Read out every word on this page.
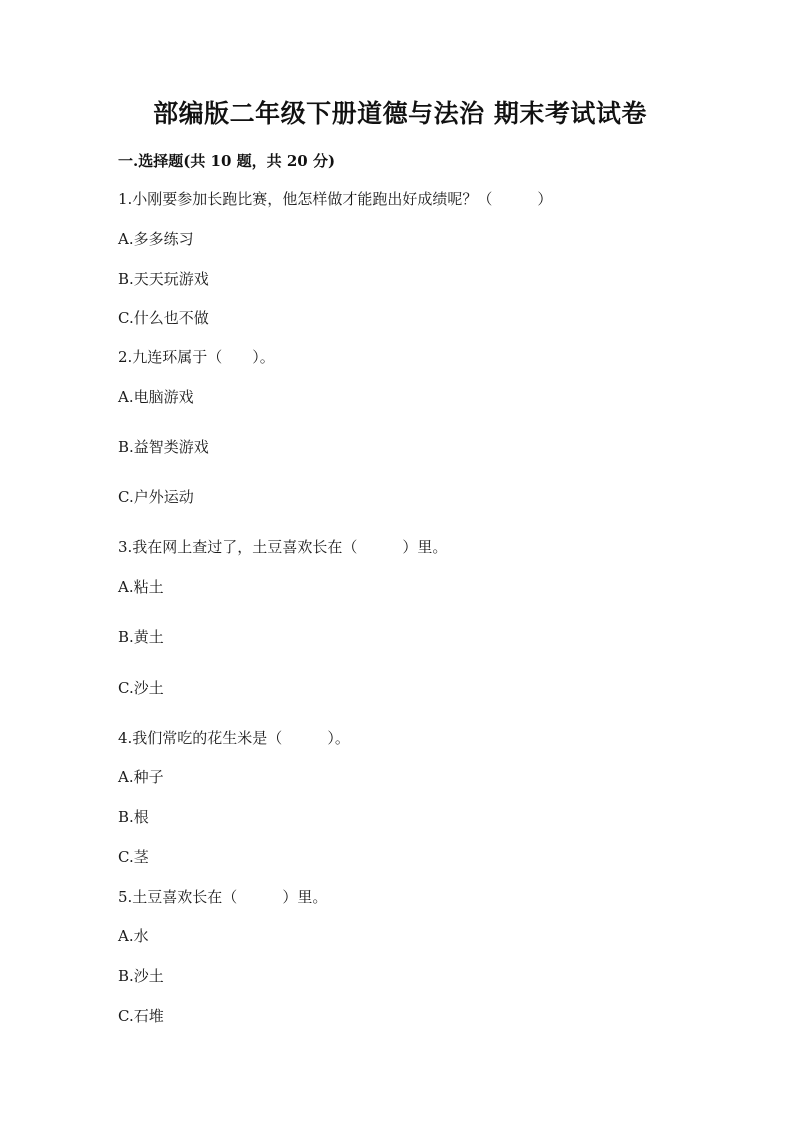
部编版二年级下册道德与法治 期末考试试卷
一.选择题(共 10 题，共 20 分)
1.小刚要参加长跑比赛，他怎样做才能跑出好成绩呢？（　　　）
A.多多练习
B.天天玩游戏
C.什么也不做
2.九连环属于（　　）。
A.电脑游戏
B.益智类游戏
C.户外运动
3.我在网上查过了，土豆喜欢长在（　　　）里。
A.粘土
B.黄土
C.沙土
4.我们常吃的花生米是（　　　）。
A.种子
B.根
C.茎
5.土豆喜欢长在（　　　）里。
A.水
B.沙土
C.石堆
